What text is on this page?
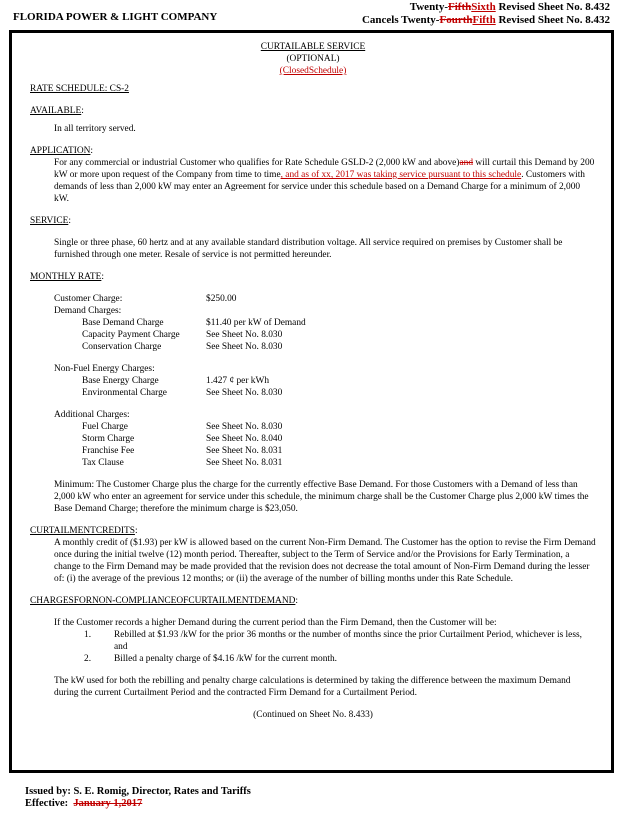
FLORIDA POWER & LIGHT COMPANY
Twenty-FifthSixth Revised Sheet No. 8.432
Cancels Twenty-FourthFifth Revised Sheet No. 8.432
CURTAILABLE SERVICE
(OPTIONAL)
(ClosedSchedule)
RATE SCHEDULE: CS-2
AVAILABLE:
In all territory served.
APPLICATION:
For any commercial or industrial Customer who qualifies for Rate Schedule GSLD-2 (2,000 kW and above)and will curtail this Demand by 200 kW or more upon request of the Company from time to time, and as of xx, 2017 was taking service pursuant to this schedule. Customers with demands of less than 2,000 kW may enter an Agreement for service under this schedule based on a Demand Charge for a minimum of 2,000 kW.
SERVICE:
Single or three phase, 60 hertz and at any available standard distribution voltage. All service required on premises by Customer shall be furnished through one meter. Resale of service is not permitted hereunder.
MONTHLY RATE:
Customer Charge:	$250.00
Demand Charges:
Base Demand Charge	$11.40 per kW of Demand
Capacity Payment Charge	See Sheet No. 8.030
Conservation Charge	See Sheet No. 8.030
Non-Fuel Energy Charges:
Base Energy Charge	1.427 ¢ per kWh
Environmental Charge	See Sheet No. 8.030
Additional Charges:
Fuel Charge	See Sheet No. 8.030
Storm Charge	See Sheet No. 8.040
Franchise Fee	See Sheet No. 8.031
Tax Clause	See Sheet No. 8.031
Minimum: The Customer Charge plus the charge for the currently effective Base Demand. For those Customers with a Demand of less than 2,000 kW who enter an agreement for service under this schedule, the minimum charge shall be the Customer Charge plus 2,000 kW times the Base Demand Charge; therefore the minimum charge is $23,050.
CURTAILMENTCREDITS:
A monthly credit of ($1.93) per kW is allowed based on the current Non-Firm Demand. The Customer has the option to revise the Firm Demand once during the initial twelve (12) month period. Thereafter, subject to the Term of Service and/or the Provisions for Early Termination, a change to the Firm Demand may be made provided that the revision does not decrease the total amount of Non-Firm Demand during the lesser of: (i) the average of the previous 12 months; or (ii) the average of the number of billing months under this Rate Schedule.
CHARGESFORNON-COMPLIANCEOFCURTAILMENTDEMAND:
If the Customer records a higher Demand during the current period than the Firm Demand, then the Customer will be:
1.	Rebilled at $1.93 /kW for the prior 36 months or the number of months since the prior Curtailment Period, whichever is less, and
2.	Billed a penalty charge of $4.16 /kW for the current month.
The kW used for both the rebilling and penalty charge calculations is determined by taking the difference between the maximum Demand during the current Curtailment Period and the contracted Firm Demand for a Curtailment Period.
(Continued on Sheet No. 8.433)
Issued by: S. E. Romig, Director, Rates and Tariffs
Effective: January 1,2017
